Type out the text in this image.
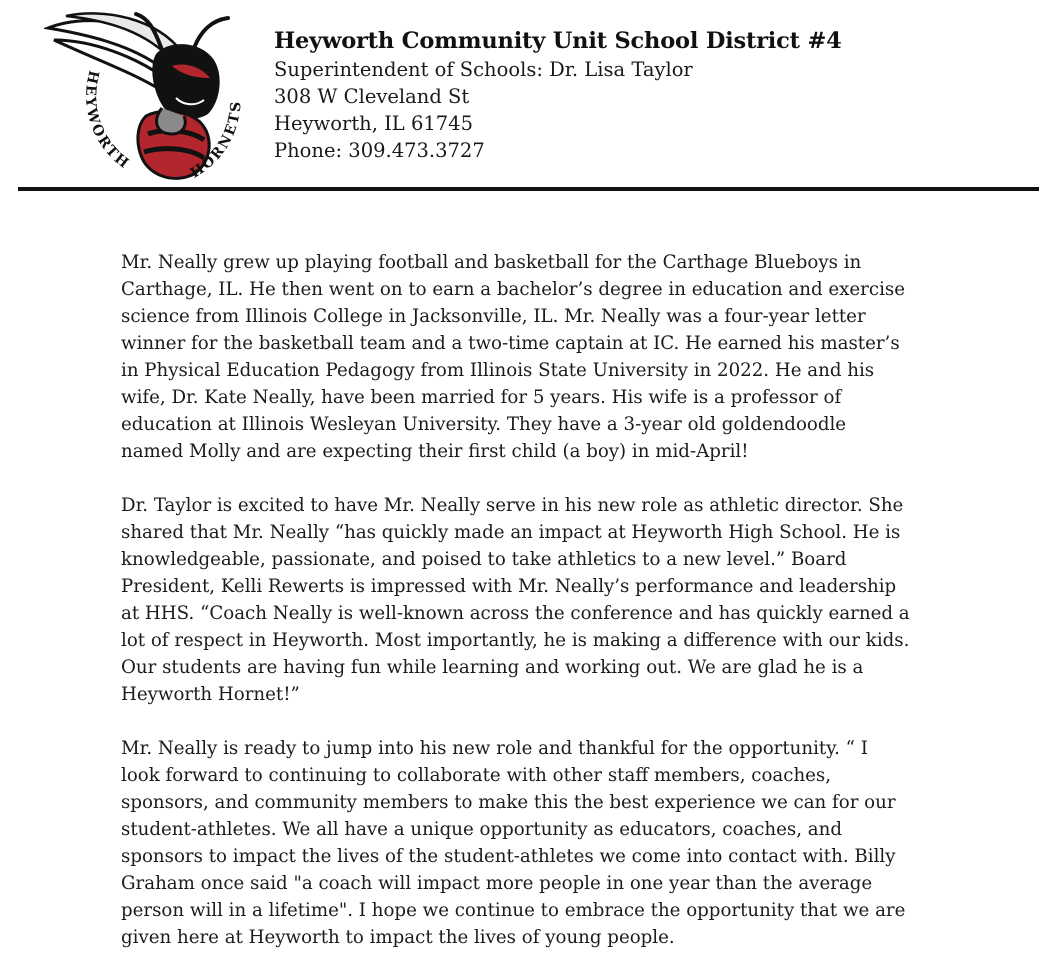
HEYWORTH	HORNETS
Heyworth Community Unit School District #4
Superintendent of Schools: Dr. Lisa Taylor
308 W Cleveland St
Heyworth, IL 61745
Phone: 309.473.3727
Mr. Neally grew up playing football and basketball for the Carthage Blueboys in
Carthage, IL. He then went on to earn a bachelor’s degree in education and exercise
science from Illinois College in Jacksonville, IL. Mr. Neally was a four-year letter
winner for the basketball team and a two-time captain at IC. He earned his master’s
in Physical Education Pedagogy from Illinois State University in 2022. He and his
wife, Dr. Kate Neally, have been married for 5 years. His wife is a professor of
education at Illinois Wesleyan University. They have a 3-year old goldendoodle
named Molly and are expecting their first child (a boy) in mid-April!
Dr. Taylor is excited to have Mr. Neally serve in his new role as athletic director. She
shared that Mr. Neally “has quickly made an impact at Heyworth High School. He is
knowledgeable, passionate, and poised to take athletics to a new level.” Board
President, Kelli Rewerts is impressed with Mr. Neally’s performance and leadership
at HHS. “Coach Neally is well-known across the conference and has quickly earned a
lot of respect in Heyworth. Most importantly, he is making a difference with our kids.
Our students are having fun while learning and working out. We are glad he is a
Heyworth Hornet!”
Mr. Neally is ready to jump into his new role and thankful for the opportunity. “ I
look forward to continuing to collaborate with other staff members, coaches,
sponsors, and community members to make this the best experience we can for our
student-athletes. We all have a unique opportunity as educators, coaches, and
sponsors to impact the lives of the student-athletes we come into contact with. Billy
Graham once said "a coach will impact more people in one year than the average
person will in a lifetime". I hope we continue to embrace the opportunity that we are
given here at Heyworth to impact the lives of young people.
